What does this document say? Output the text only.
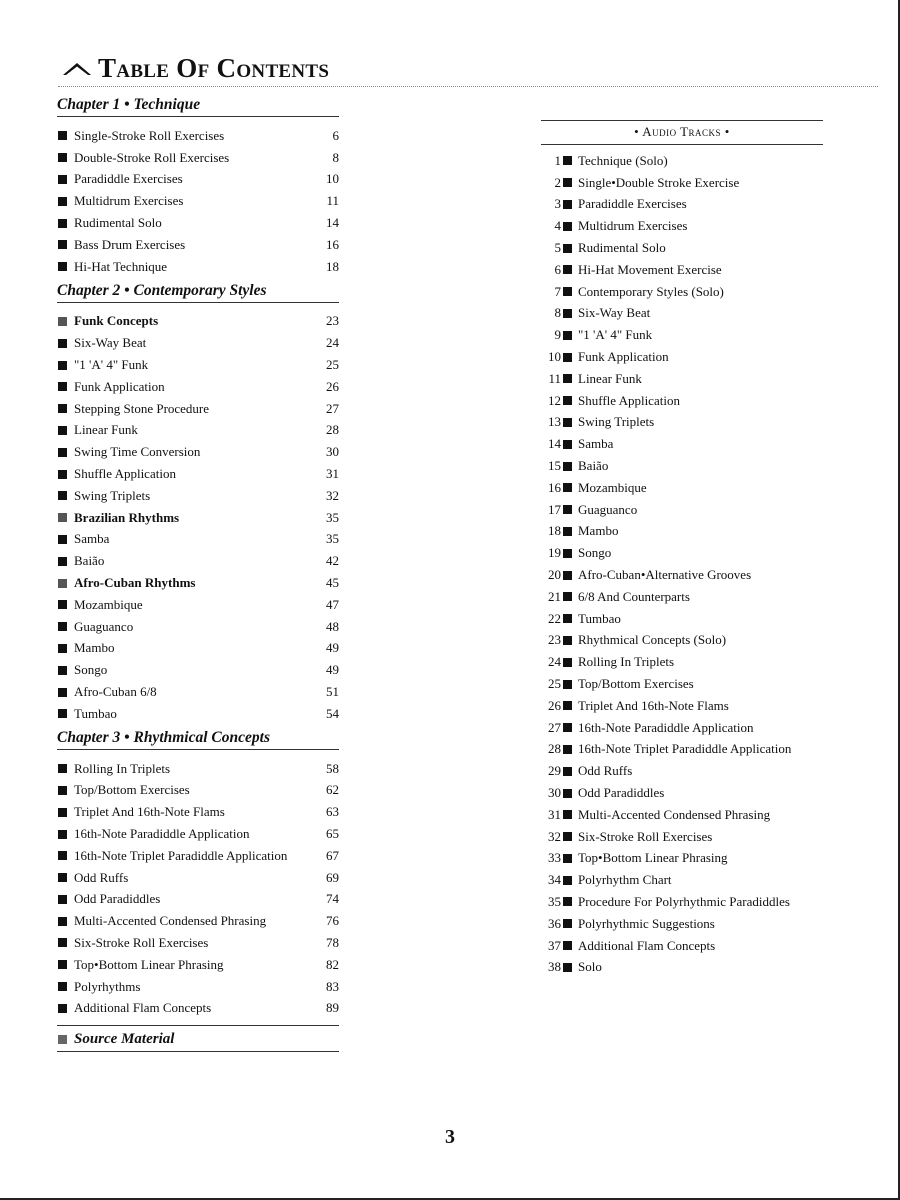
Table Of Contents
Chapter 1 • Technique
Single-Stroke Roll Exercises	6
Double-Stroke Roll Exercises	8
Paradiddle Exercises	10
Multidrum Exercises	11
Rudimental Solo	14
Bass Drum Exercises	16
Hi-Hat Technique	18
Chapter 2 • Contemporary Styles
Funk Concepts	23
Six-Way Beat	24
"1 'A' 4" Funk	25
Funk Application	26
Stepping Stone Procedure	27
Linear Funk	28
Swing Time Conversion	30
Shuffle Application	31
Swing Triplets	32
Brazilian Rhythms	35
Samba	35
Baião	42
Afro-Cuban Rhythms	45
Mozambique	47
Guaguanco	48
Mambo	49
Songo	49
Afro-Cuban 6/8	51
Tumbao	54
Chapter 3 • Rhythmical Concepts
Rolling In Triplets	58
Top/Bottom Exercises	62
Triplet And 16th-Note Flams	63
16th-Note Paradiddle Application	65
16th-Note Triplet Paradiddle Application	67
Odd Ruffs	69
Odd Paradiddles	74
Multi-Accented Condensed Phrasing	76
Six-Stroke Roll Exercises	78
Top•Bottom Linear Phrasing	82
Polyrhythms	83
Additional Flam Concepts	89
Source Material
• Audio Tracks •
1 Technique (Solo)
2 Single•Double Stroke Exercise
3 Paradiddle Exercises
4 Multidrum Exercises
5 Rudimental Solo
6 Hi-Hat Movement Exercise
7 Contemporary Styles (Solo)
8 Six-Way Beat
9 "1 'A' 4" Funk
10 Funk Application
11 Linear Funk
12 Shuffle Application
13 Swing Triplets
14 Samba
15 Baião
16 Mozambique
17 Guaguanco
18 Mambo
19 Songo
20 Afro-Cuban•Alternative Grooves
21 6/8 And Counterparts
22 Tumbao
23 Rhythmical Concepts (Solo)
24 Rolling In Triplets
25 Top/Bottom Exercises
26 Triplet And 16th-Note Flams
27 16th-Note Paradiddle Application
28 16th-Note Triplet Paradiddle Application
29 Odd Ruffs
30 Odd Paradiddles
31 Multi-Accented Condensed Phrasing
32 Six-Stroke Roll Exercises
33 Top•Bottom Linear Phrasing
34 Polyrhythm Chart
35 Procedure For Polyrhythmic Paradiddles
36 Polyrhythmic Suggestions
37 Additional Flam Concepts
38 Solo
3
